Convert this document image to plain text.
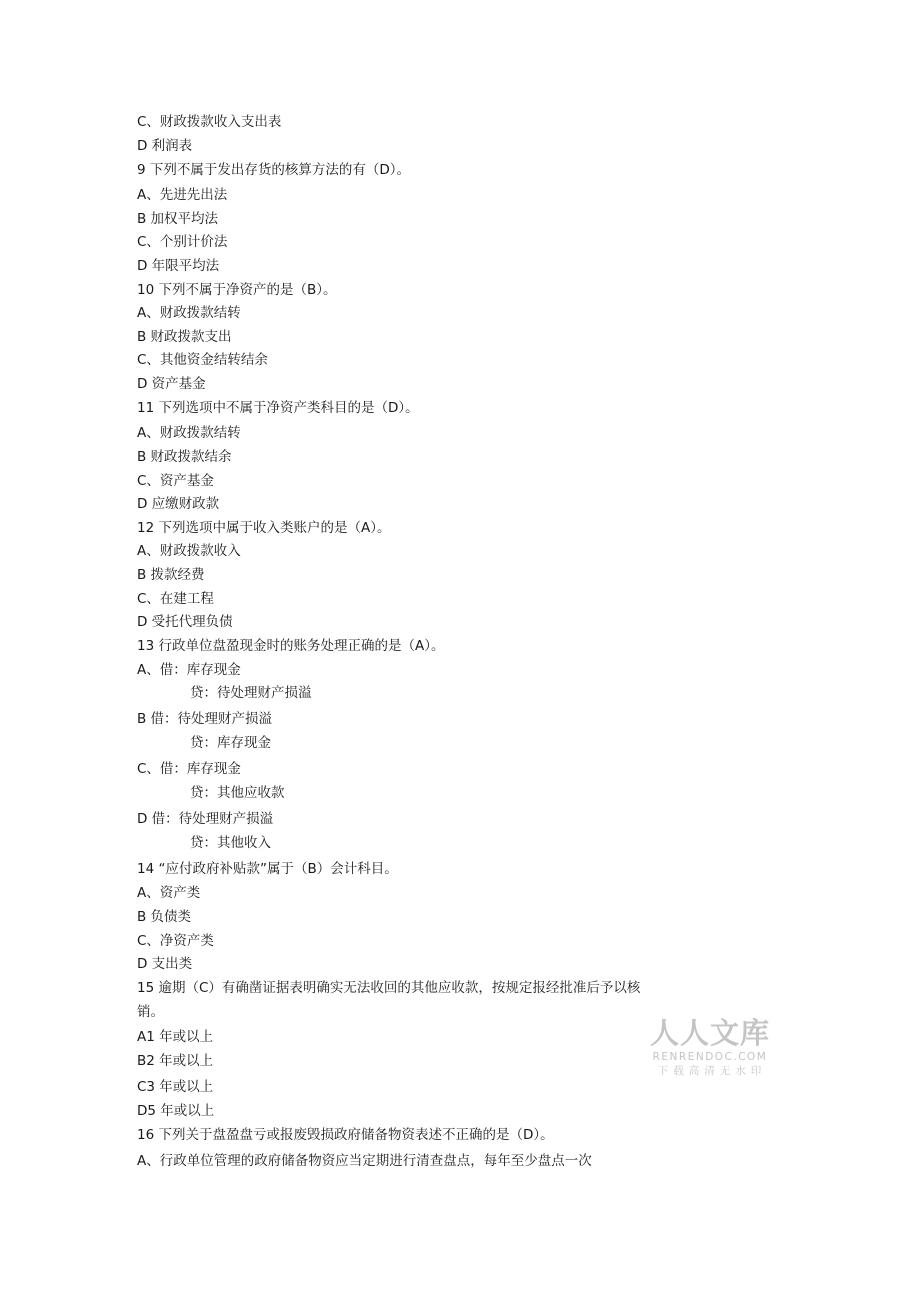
C、财政拨款收入支出表
D 利润表
9 下列不属于发出存货的核算方法的有（D）。
A、先进先出法
B 加权平均法
C、个别计价法
D 年限平均法
10 下列不属于净资产的是（B）。
A、财政拨款结转
B 财政拨款支出
C、其他资金结转结余
D 资产基金
11 下列选项中不属于净资产类科目的是（D）。
A、财政拨款结转
B 财政拨款结余
C、资产基金
D 应缴财政款
12 下列选项中属于收入类账户的是（A）。
A、财政拨款收入
B 拨款经费
C、在建工程
D 受托代理负债
13 行政单位盘盈现金时的账务处理正确的是（A）。
A、借：库存现金
贷：待处理财产损溢
B 借：待处理财产损溢
贷：库存现金
C、借：库存现金
贷：其他应收款
D 借：待处理财产损溢
贷：其他收入
14 “应付政府补贴款”属于（B）会计科目。
A、资产类
B 负债类
C、净资产类
D 支出类
15 逾期（C）有确凿证据表明确实无法收回的其他应收款，按规定报经批准后予以核
销。
A1 年或以上
B2 年或以上
C3 年或以上
D5 年或以上
16 下列关于盘盈盘亏或报废毁损政府储备物资表述不正确的是（D）。
A、行政单位管理的政府储备物资应当定期进行清查盘点，每年至少盘点一次
人人文库
RENRENDOC.COM
下载高清无水印
